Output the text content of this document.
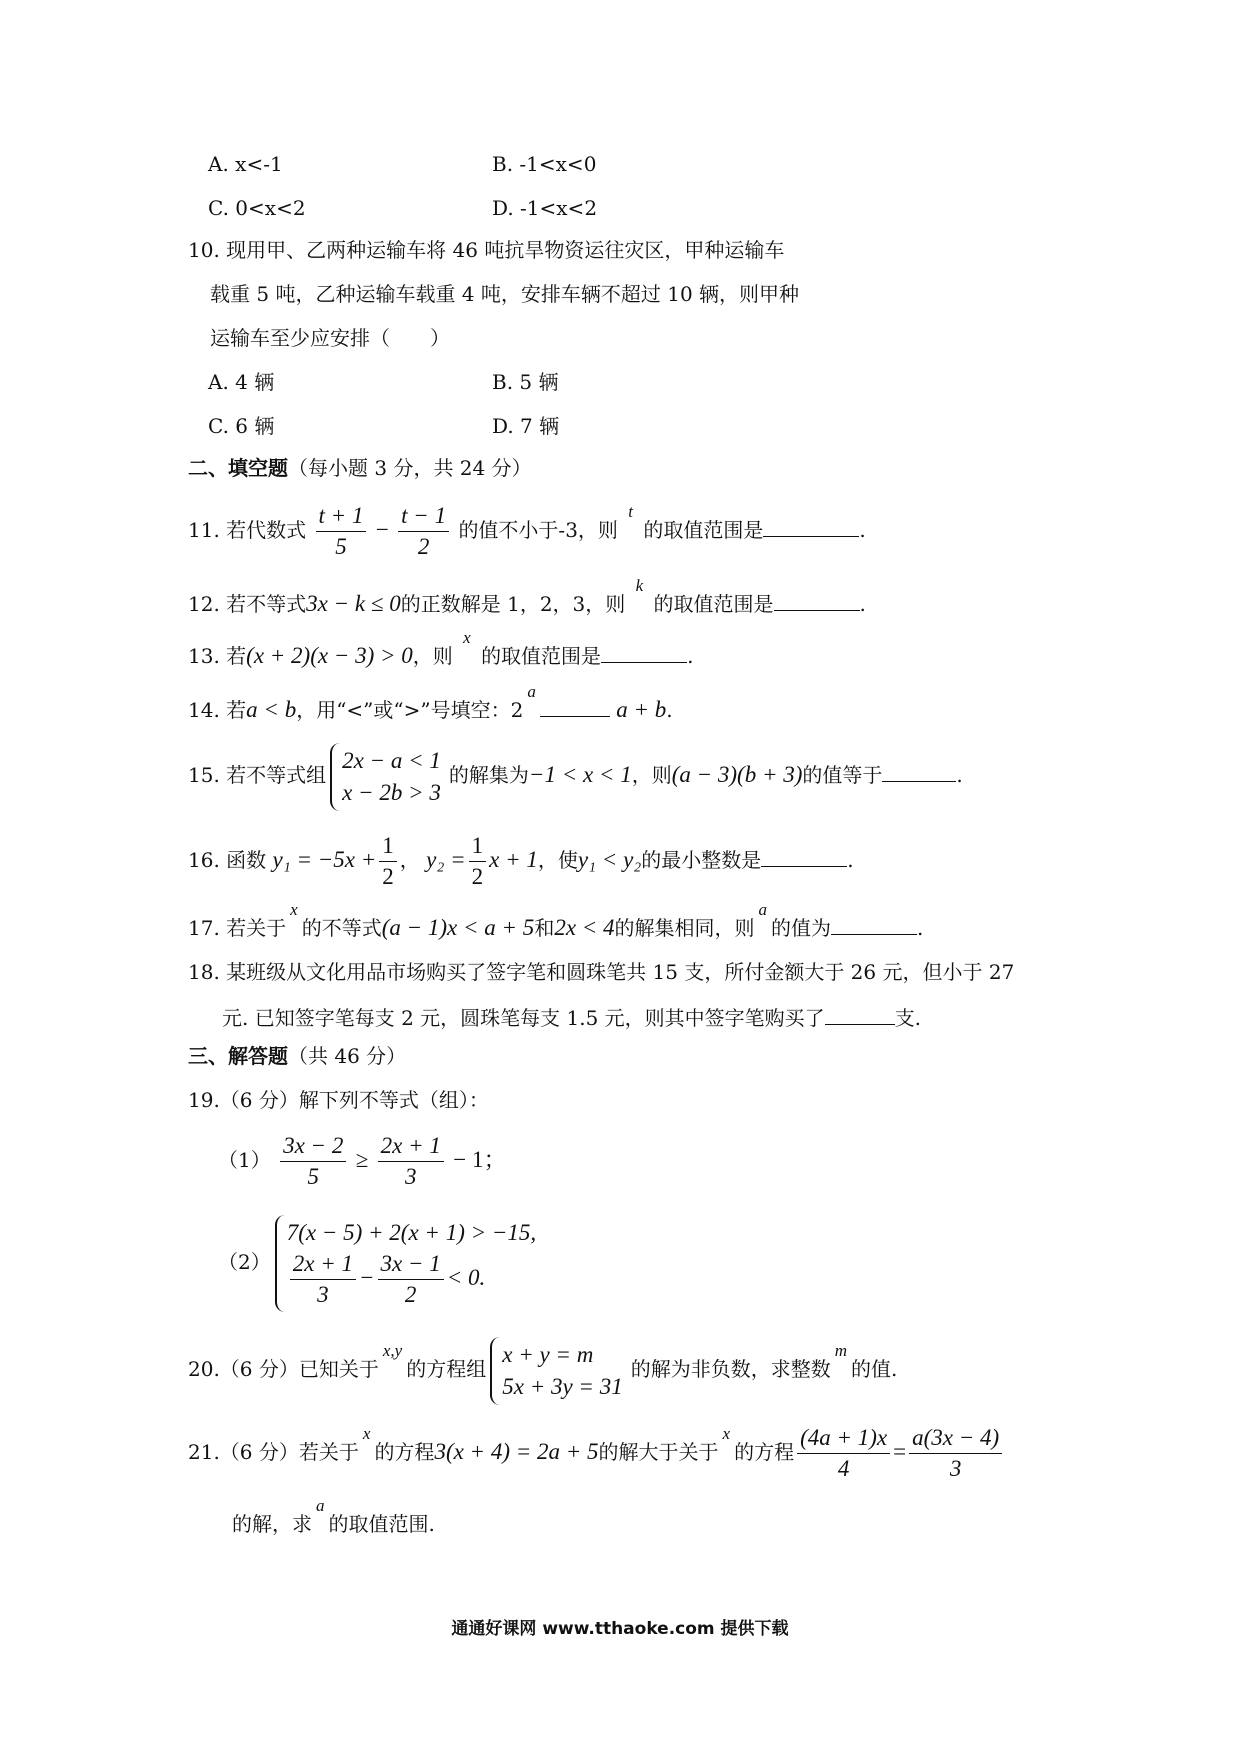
A. x<-1	B. -1<x<0
C. 0<x<2	D. -1<x<2
10. 现用甲、乙两种运输车将 46 吨抗旱物资运往灾区，甲种运输车
载重 5 吨，乙种运输车载重 4 吨，安排车辆不超过 10 辆，则甲种
运输车至少应安排（　　）
A. 4 辆	B. 5 辆
C. 6 辆	D. 7 辆
二、填空题（每小题 3 分，共 24 分）
11. 若代数式 $\frac{t + 1}{5} - \frac{t - 1}{2}$ 的值不小于-3，则 $^t$ 的取值范围是	.
12. 若不等式3x − k ≤ 0的正数解是 1，2，3，则 $^k$ 的取值范围是	.
13. 若(x + 2)(x − 3) > 0，则 $^x$ 的取值范围是	.
14. 若a < b，用“<”或“>”号填空：2$^a$ a + b.
15. 若不等式组
2x − a < 1
x − 2b > 3
的解集为−1 < x < 1，则(a − 3)(b + 3)的值等于	.
16. 函数 $y_1 = -5x + \frac{1}{2}$ ， $y_2 = \frac{1}{2}$ x + 1，使y₁ < y₂的最小整数是	.
17. 若关于$^x$的不等式(a − 1)x < a + 5和2x < 4的解集相同，则$^a$的值为	.
18. 某班级从文化用品市场购买了签字笔和圆珠笔共 15 支，所付金额大于 26 元，但小于 27
元. 已知签字笔每支 2 元，圆珠笔每支 1.5 元，则其中签字笔购买了	支.
三、解答题（共 46 分）
19.（6 分）解下列不等式（组）：
$(1) \frac{3x - 2}{5} \ge \frac{2x + 1}{3} - 1$；
（2）
7(x − 5) + 2(x + 1) > −15,
$\frac{2x + 1}{3} - \frac{3x - 1}{2} < 0$.
20.（6 分）已知关于$^{x,y}$的方程组
x + y = m
5x + 3y = 31
的解为非负数，求整数$^m$的值.
21.（6 分）若关于$^x$的方程3(x + 4) = 2a + 5的解大于关于$^x$的方程 $\frac{(4a + 1)x}{4} = \frac{a(3x - 4)}{3}$
的解，求$^a$的取值范围.
通通好课网 www.tthaoke.com 提供下载
